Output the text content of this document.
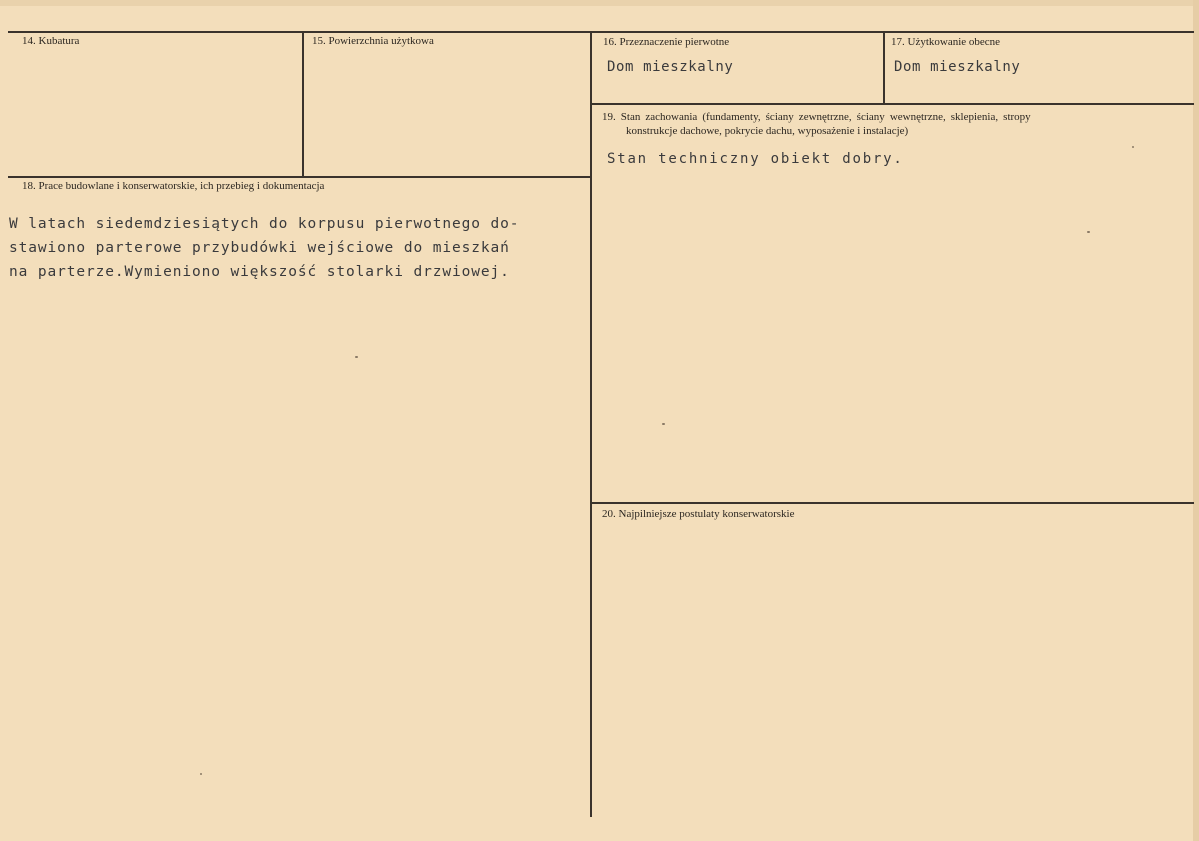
14. Kubatura	15. Powierzchnia użytkowa	16. Przeznaczenie pierwotne
Dom mieszkalny
17. Użytkowanie obecne
Dom mieszkalny
18. Prace budowlane i konserwatorskie, ich przebieg i dokumentacja
W latach siedemdziesiątych do korpusu pierwotnego do-
stawiono parterowe przybudówki wejściowe do mieszkań
na parterze.Wymieniono większość stolarki drzwiowej.
19. Stan zachowania (fundamenty, ściany zewnętrzne, ściany wewnętrzne, sklepienia, stropy
konstrukcje dachowe, pokrycie dachu, wyposażenie i instalacje)
Stan techniczny obiekt dobry.
20. Najpilniejsze postulaty konserwatorskie
